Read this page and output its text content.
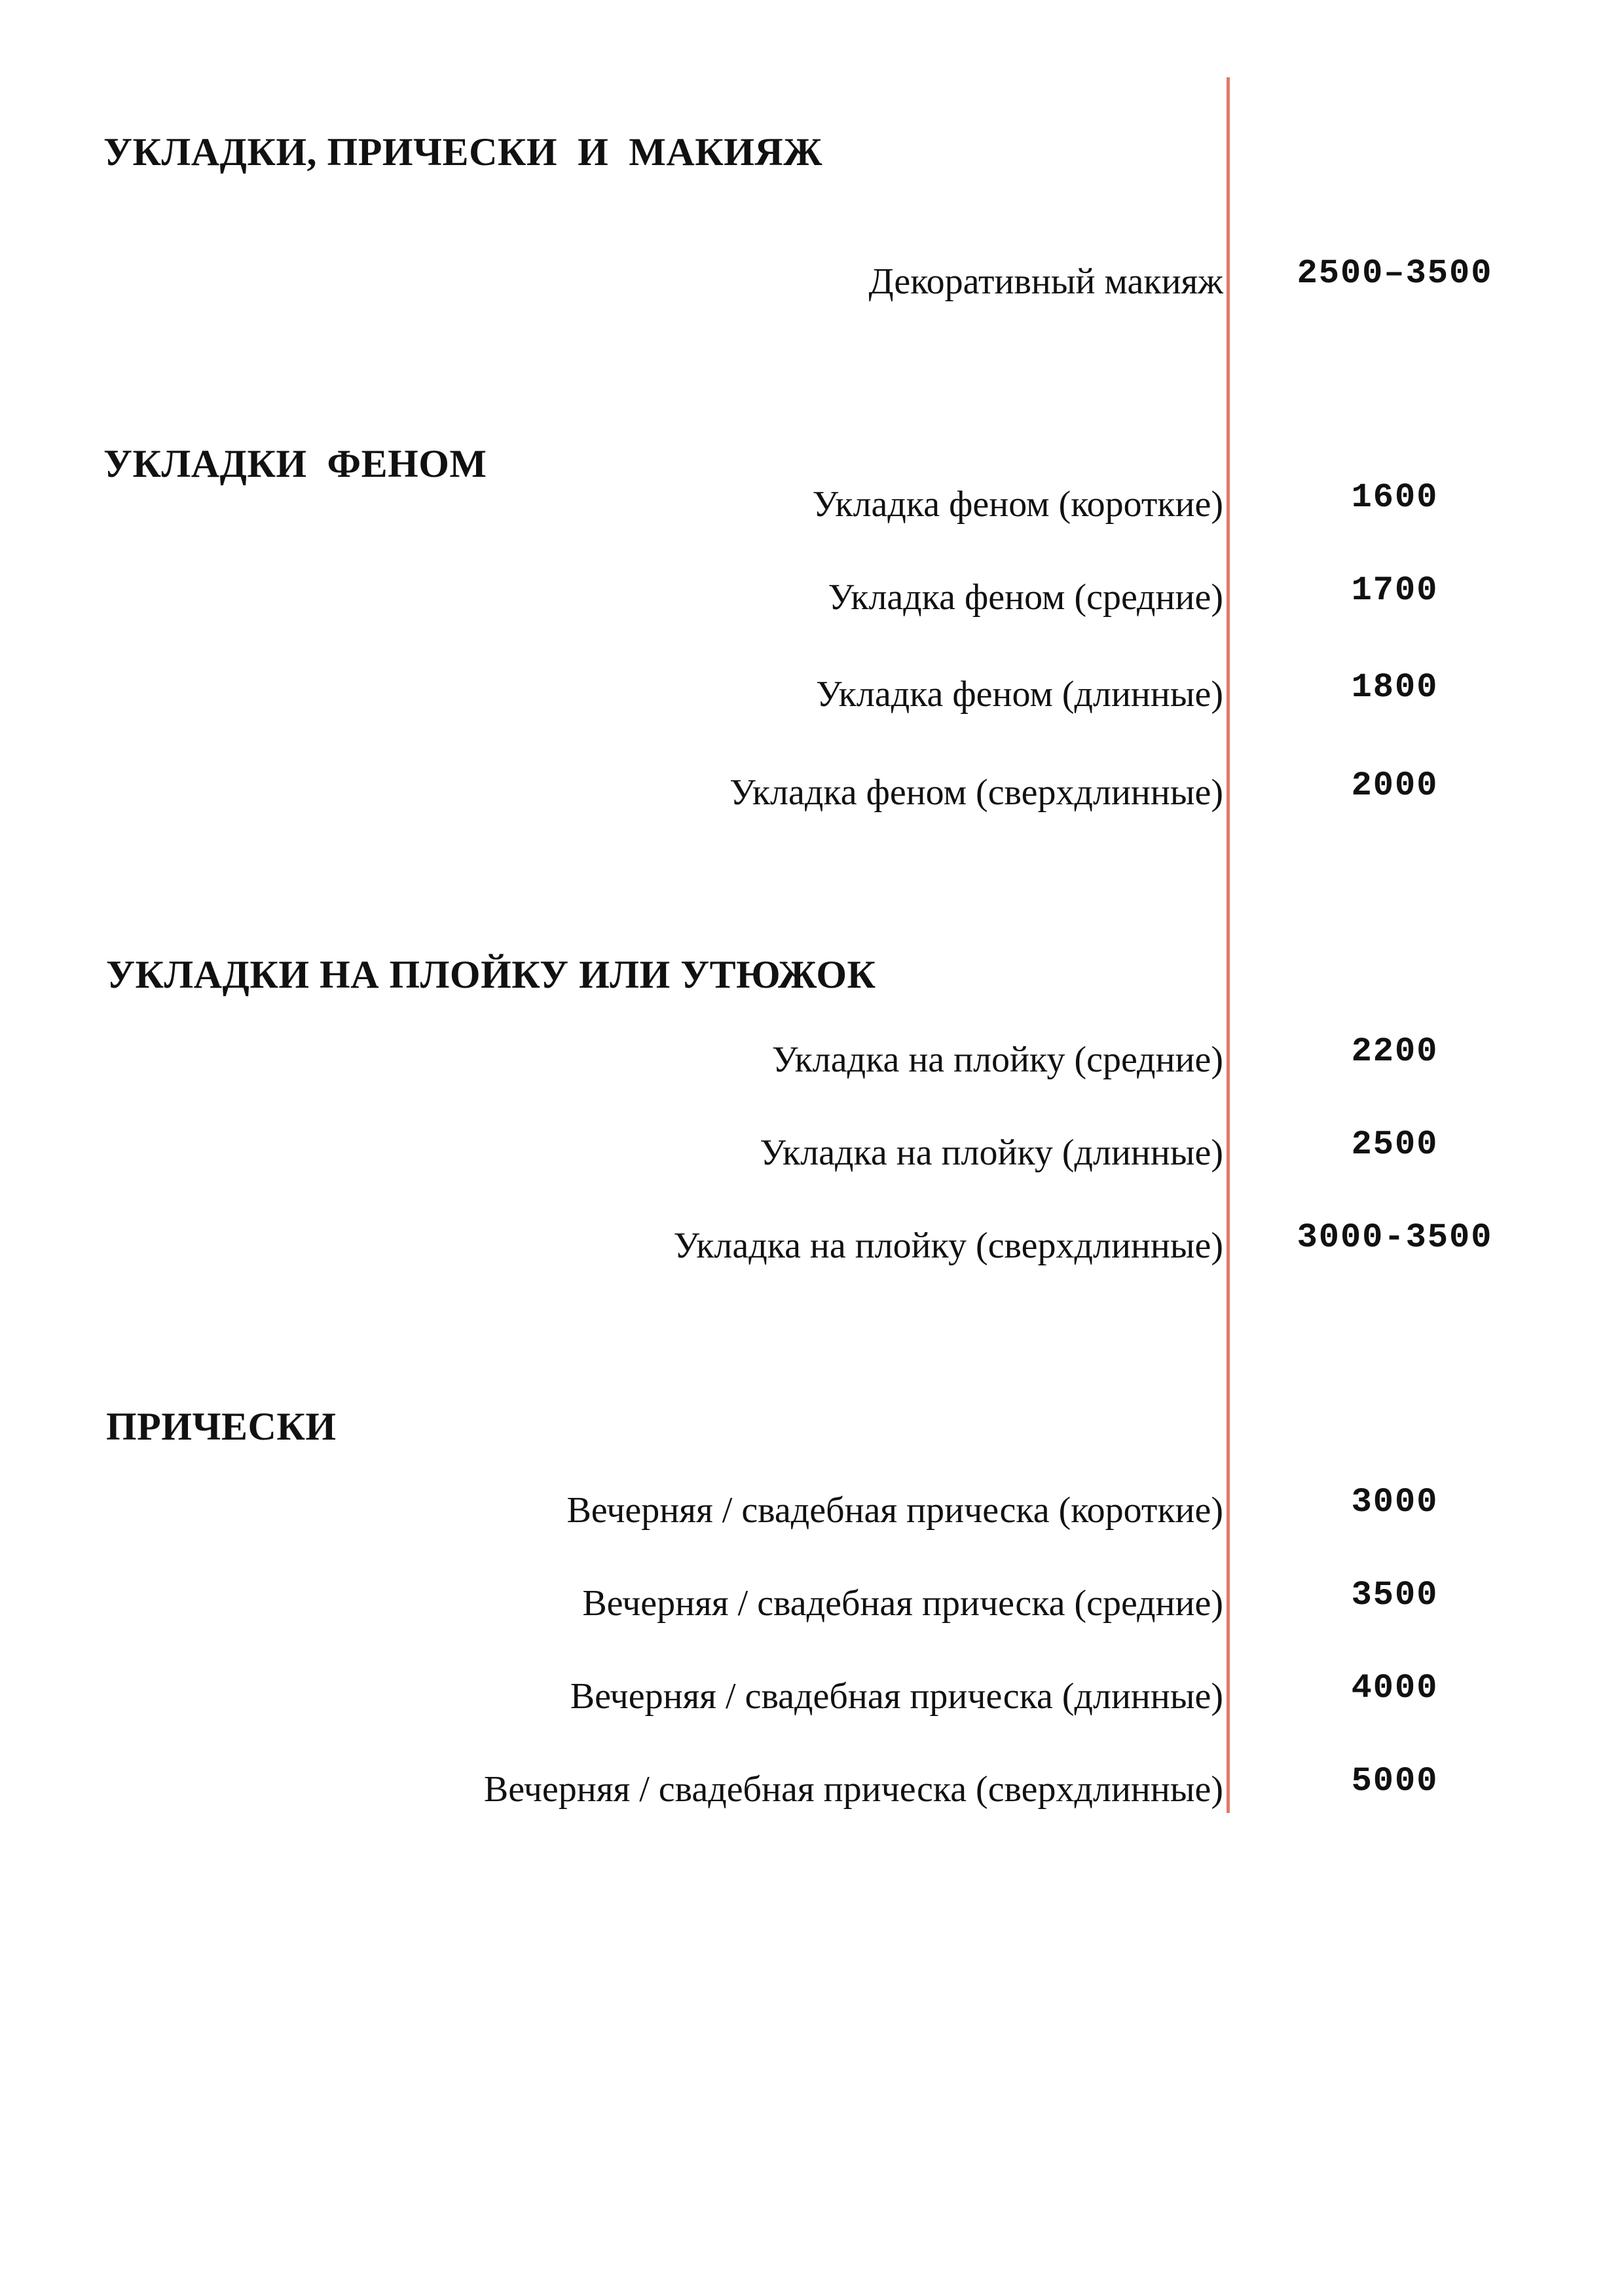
УКЛАДКИ, ПРИЧЕСКИ  И  МАКИЯЖ
Декоративный макияж	2500–3500
УКЛАДКИ  ФЕНОМ
Укладка феном (короткие)	1600
Укладка феном (средние)	1700
Укладка феном (длинные)	1800
Укладка феном (сверхдлинные)	2000
УКЛАДКИ НА ПЛОЙКУ ИЛИ УТЮЖОК
Укладка на плойку (средние)	2200
Укладка на плойку (длинные)	2500
Укладка на плойку (сверхдлинные)	3000-3500
ПРИЧЕСКИ
Вечерняя / свадебная прическа (короткие)	3000
Вечерняя / свадебная прическа (средние)	3500
Вечерняя / свадебная прическа (длинные)	4000
Вечерняя / свадебная прическа (сверхдлинные)	5000
